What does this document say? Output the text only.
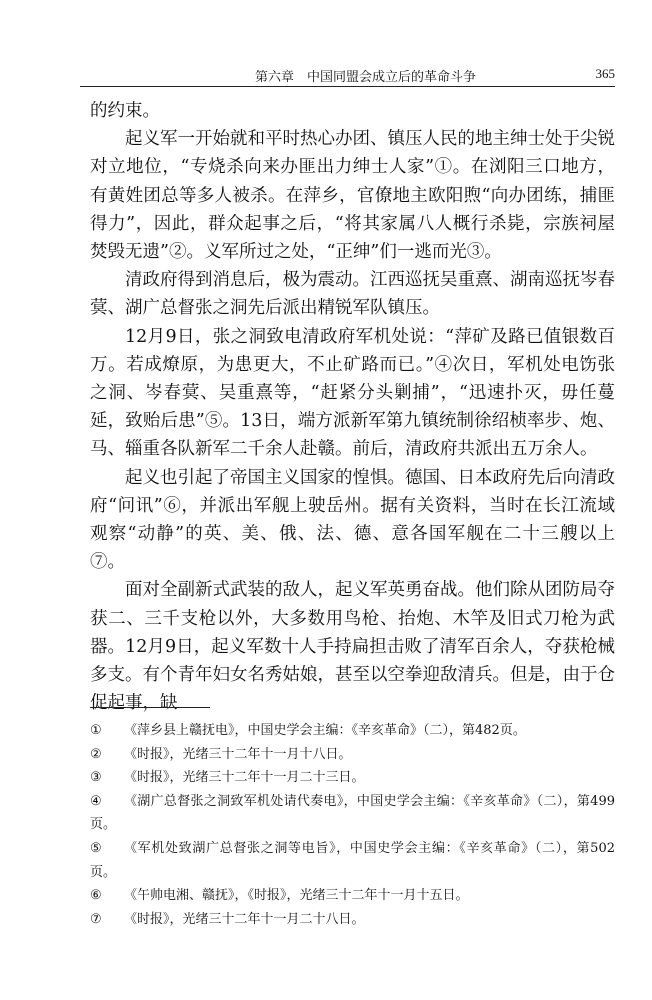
第六章　中国同盟会成立后的革命斗争	365

的约束。

起义军一开始就和平时热心办团、镇压人民的地主绅士处于尖锐对立地位，“专烧杀向来办匪出力绅士人家”①。在浏阳三口地方，有黄姓团总等多人被杀。在萍乡，官僚地主欧阳煦“向办团练，捕匪得力”，因此，群众起事之后，“将其家属八人概行杀毙，宗族祠屋焚毁无遗”②。义军所过之处，“正绅”们一逃而光③。

清政府得到消息后，极为震动。江西巡抚吴重熹、湖南巡抚岑春蓂、湖广总督张之洞先后派出精锐军队镇压。

12月9日，张之洞致电清政府军机处说：“萍矿及路已值银数百万。若成燎原，为患更大，不止矿路而已。”④次日，军机处电饬张之洞、岑春蓂、吴重熹等，“赶紧分头剿捕”，“迅速扑灭，毋任蔓延，致贻后患”⑤。13日，端方派新军第九镇统制徐绍桢率步、炮、马、辎重各队新军二千余人赴赣。前后，清政府共派出五万余人。

起义也引起了帝国主义国家的惶惧。德国、日本政府先后向清政府“问讯”⑥，并派出军舰上驶岳州。据有关资料，当时在长江流域观察“动静”的英、美、俄、法、德、意各国军舰在二十三艘以上⑦。

面对全副新式武装的敌人，起义军英勇奋战。他们除从团防局夺获二、三千支枪以外，大多数用鸟枪、抬炮、木竿及旧式刀枪为武器。12月9日，起义军数十人手持扁担击败了清军百余人，夺获枪械多支。有个青年妇女名秀姑娘，甚至以空拳迎敌清兵。但是，由于仓促起事，缺

① 《萍乡县上赣抚电》，中国史学会主编：《辛亥革命》（二），第482页。
② 《时报》，光绪三十二年十一月十八日。
③ 《时报》，光绪三十二年十一月二十三日。
④ 《湖广总督张之洞致军机处请代奏电》，中国史学会主编：《辛亥革命》（二），第499页。
⑤ 《军机处致湖广总督张之洞等电旨》，中国史学会主编：《辛亥革命》（二），第502页。
⑥ 《午帅电湘、赣抚》，《时报》，光绪三十二年十一月十五日。
⑦ 《时报》，光绪三十二年十一月二十八日。
